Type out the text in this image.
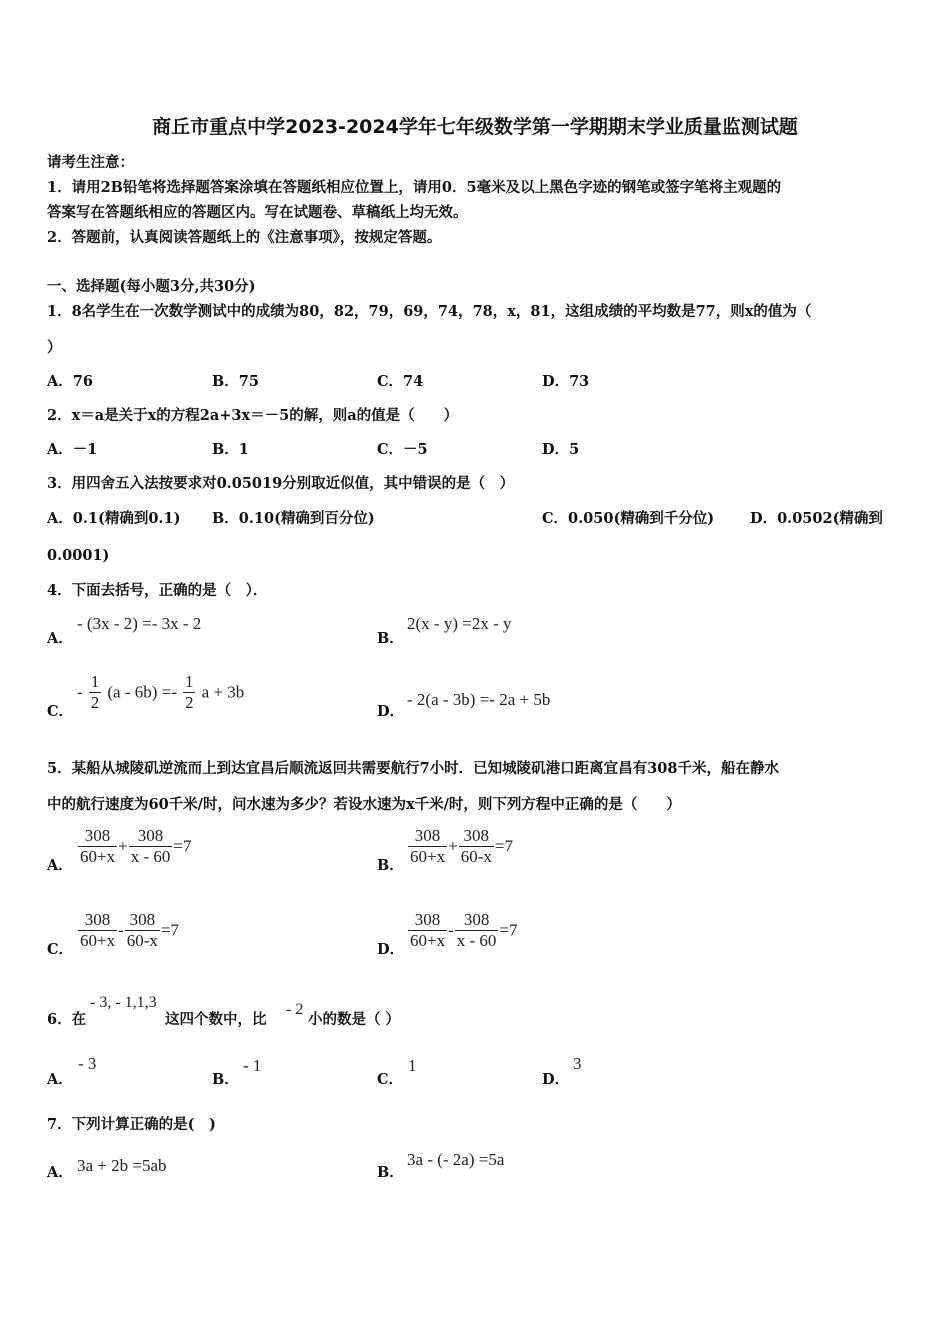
商丘市重点中学2023-2024学年七年级数学第一学期期末学业质量监测试题
请考生注意：
1．请用2B铅笔将选择题答案涂填在答题纸相应位置上，请用0．5毫米及以上黑色字迹的钢笔或签字笔将主观题的
答案写在答题纸相应的答题区内。写在试题卷、草稿纸上均无效。
2．答题前，认真阅读答题纸上的《注意事项》，按规定答题。
一、选择题(每小题3分,共30分)
1．8名学生在一次数学测试中的成绩为80，82，79，69，74，78，x，81，这组成绩的平均数是77，则x的值为（
）
A．76	B．75	C．74	D．73
2．x＝a是关于x的方程2a+3x＝－5的解，则a的值是（　　）
A．－1	B．1	C．－5	D．5
3．用四舍五入法按要求对0.05019分别取近似值，其中错误的是（　）
A．0.1(精确到0.1) B．0.10(精确到百分位)	C．0.050(精确到千分位) D．0.0502(精确到
0.0001)
4．下面去括号，正确的是（　）．
A．
- (3x - 2) =- 3x - 2
B．
2(x - y) =2x - y
C．
- $\frac{1}{2} (a - 6b) =- \frac{1}{2}$ a + 3b
D．
- 2(a - 3b) =- 2a + 5b
5．某船从城陵矶逆流而上到达宜昌后顺流返回共需要航行7小时．已知城陵矶港口距离宜昌有308千米，船在静水
中的航行速度为60千米/时，问水速为多少？若设水速为x千米/时，则下列方程中正确的是（　　）
A． $\frac{308}{60+x} + \frac{308}{x - 60} =7$
B． $\frac{308}{60+x} + \frac{308}{60-x} =7$
C． $\frac{308}{60+x} - \frac{308}{60-x} =7$
D． $\frac{308}{60+x} - \frac{308}{x - 60} =7$
6．在
- 3, - 1,1,3
这四个数中，比
- 2
小的数是（ ）
A．
- 3
B．
- 1
C．
1
D．
3
7．下列计算正确的是(　)
A． 3a + 2b =5ab	B．
3a - (- 2a) =5a
